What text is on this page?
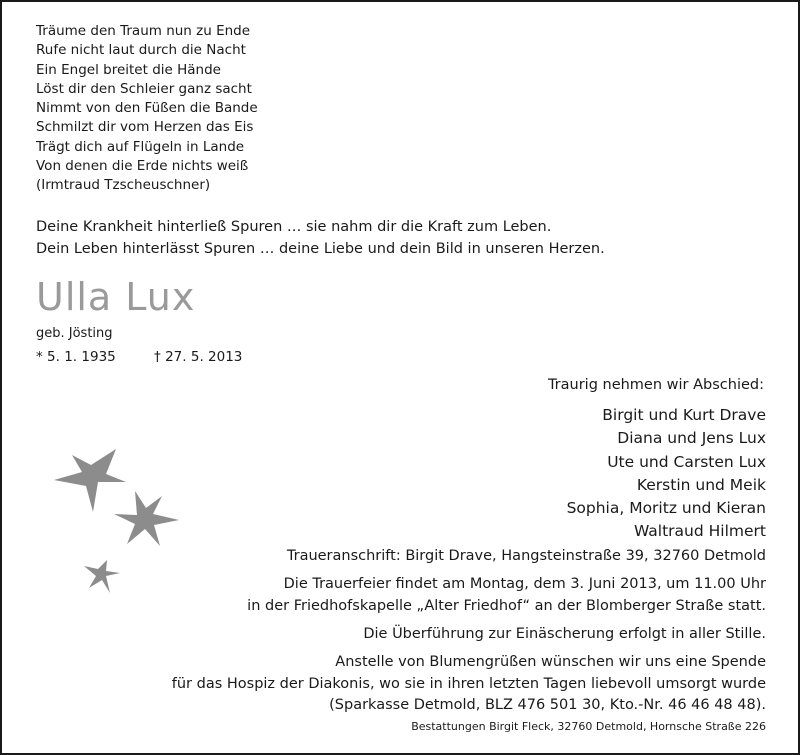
Träume den Traum nun zu Ende
Rufe nicht laut durch die Nacht
Ein Engel breitet die Hände
Löst dir den Schleier ganz sacht
Nimmt von den Füßen die Bande
Schmilzt dir vom Herzen das Eis
Trägt dich auf Flügeln in Lande
Von denen die Erde nichts weiß
(Irmtraud Tzscheuschner)
Deine Krankheit hinterließ Spuren … sie nahm dir die Kraft zum Leben.
Dein Leben hinterlässt Spuren … deine Liebe und dein Bild in unseren Herzen.
Ulla Lux
geb. Jösting
* 5. 1. 1935	† 27. 5. 2013
Traurig nehmen wir Abschied:
Birgit und Kurt Drave
Diana und Jens Lux
Ute und Carsten Lux
Kerstin und Meik
Sophia, Moritz und Kieran
Waltraud Hilmert
Traueranschrift: Birgit Drave, Hangsteinstraße 39, 32760 Detmold
Die Trauerfeier findet am Montag, dem 3. Juni 2013, um 11.00 Uhr
in der Friedhofskapelle „Alter Friedhof“ an der Blomberger Straße statt.
Die Überführung zur Einäscherung erfolgt in aller Stille.
Anstelle von Blumengrüßen wünschen wir uns eine Spende
für das Hospiz der Diakonis, wo sie in ihren letzten Tagen liebevoll umsorgt wurde
(Sparkasse Detmold, BLZ 476 501 30, Kto.-Nr. 46 46 48 48).
Bestattungen Birgit Fleck, 32760 Detmold, Hornsche Straße 226
